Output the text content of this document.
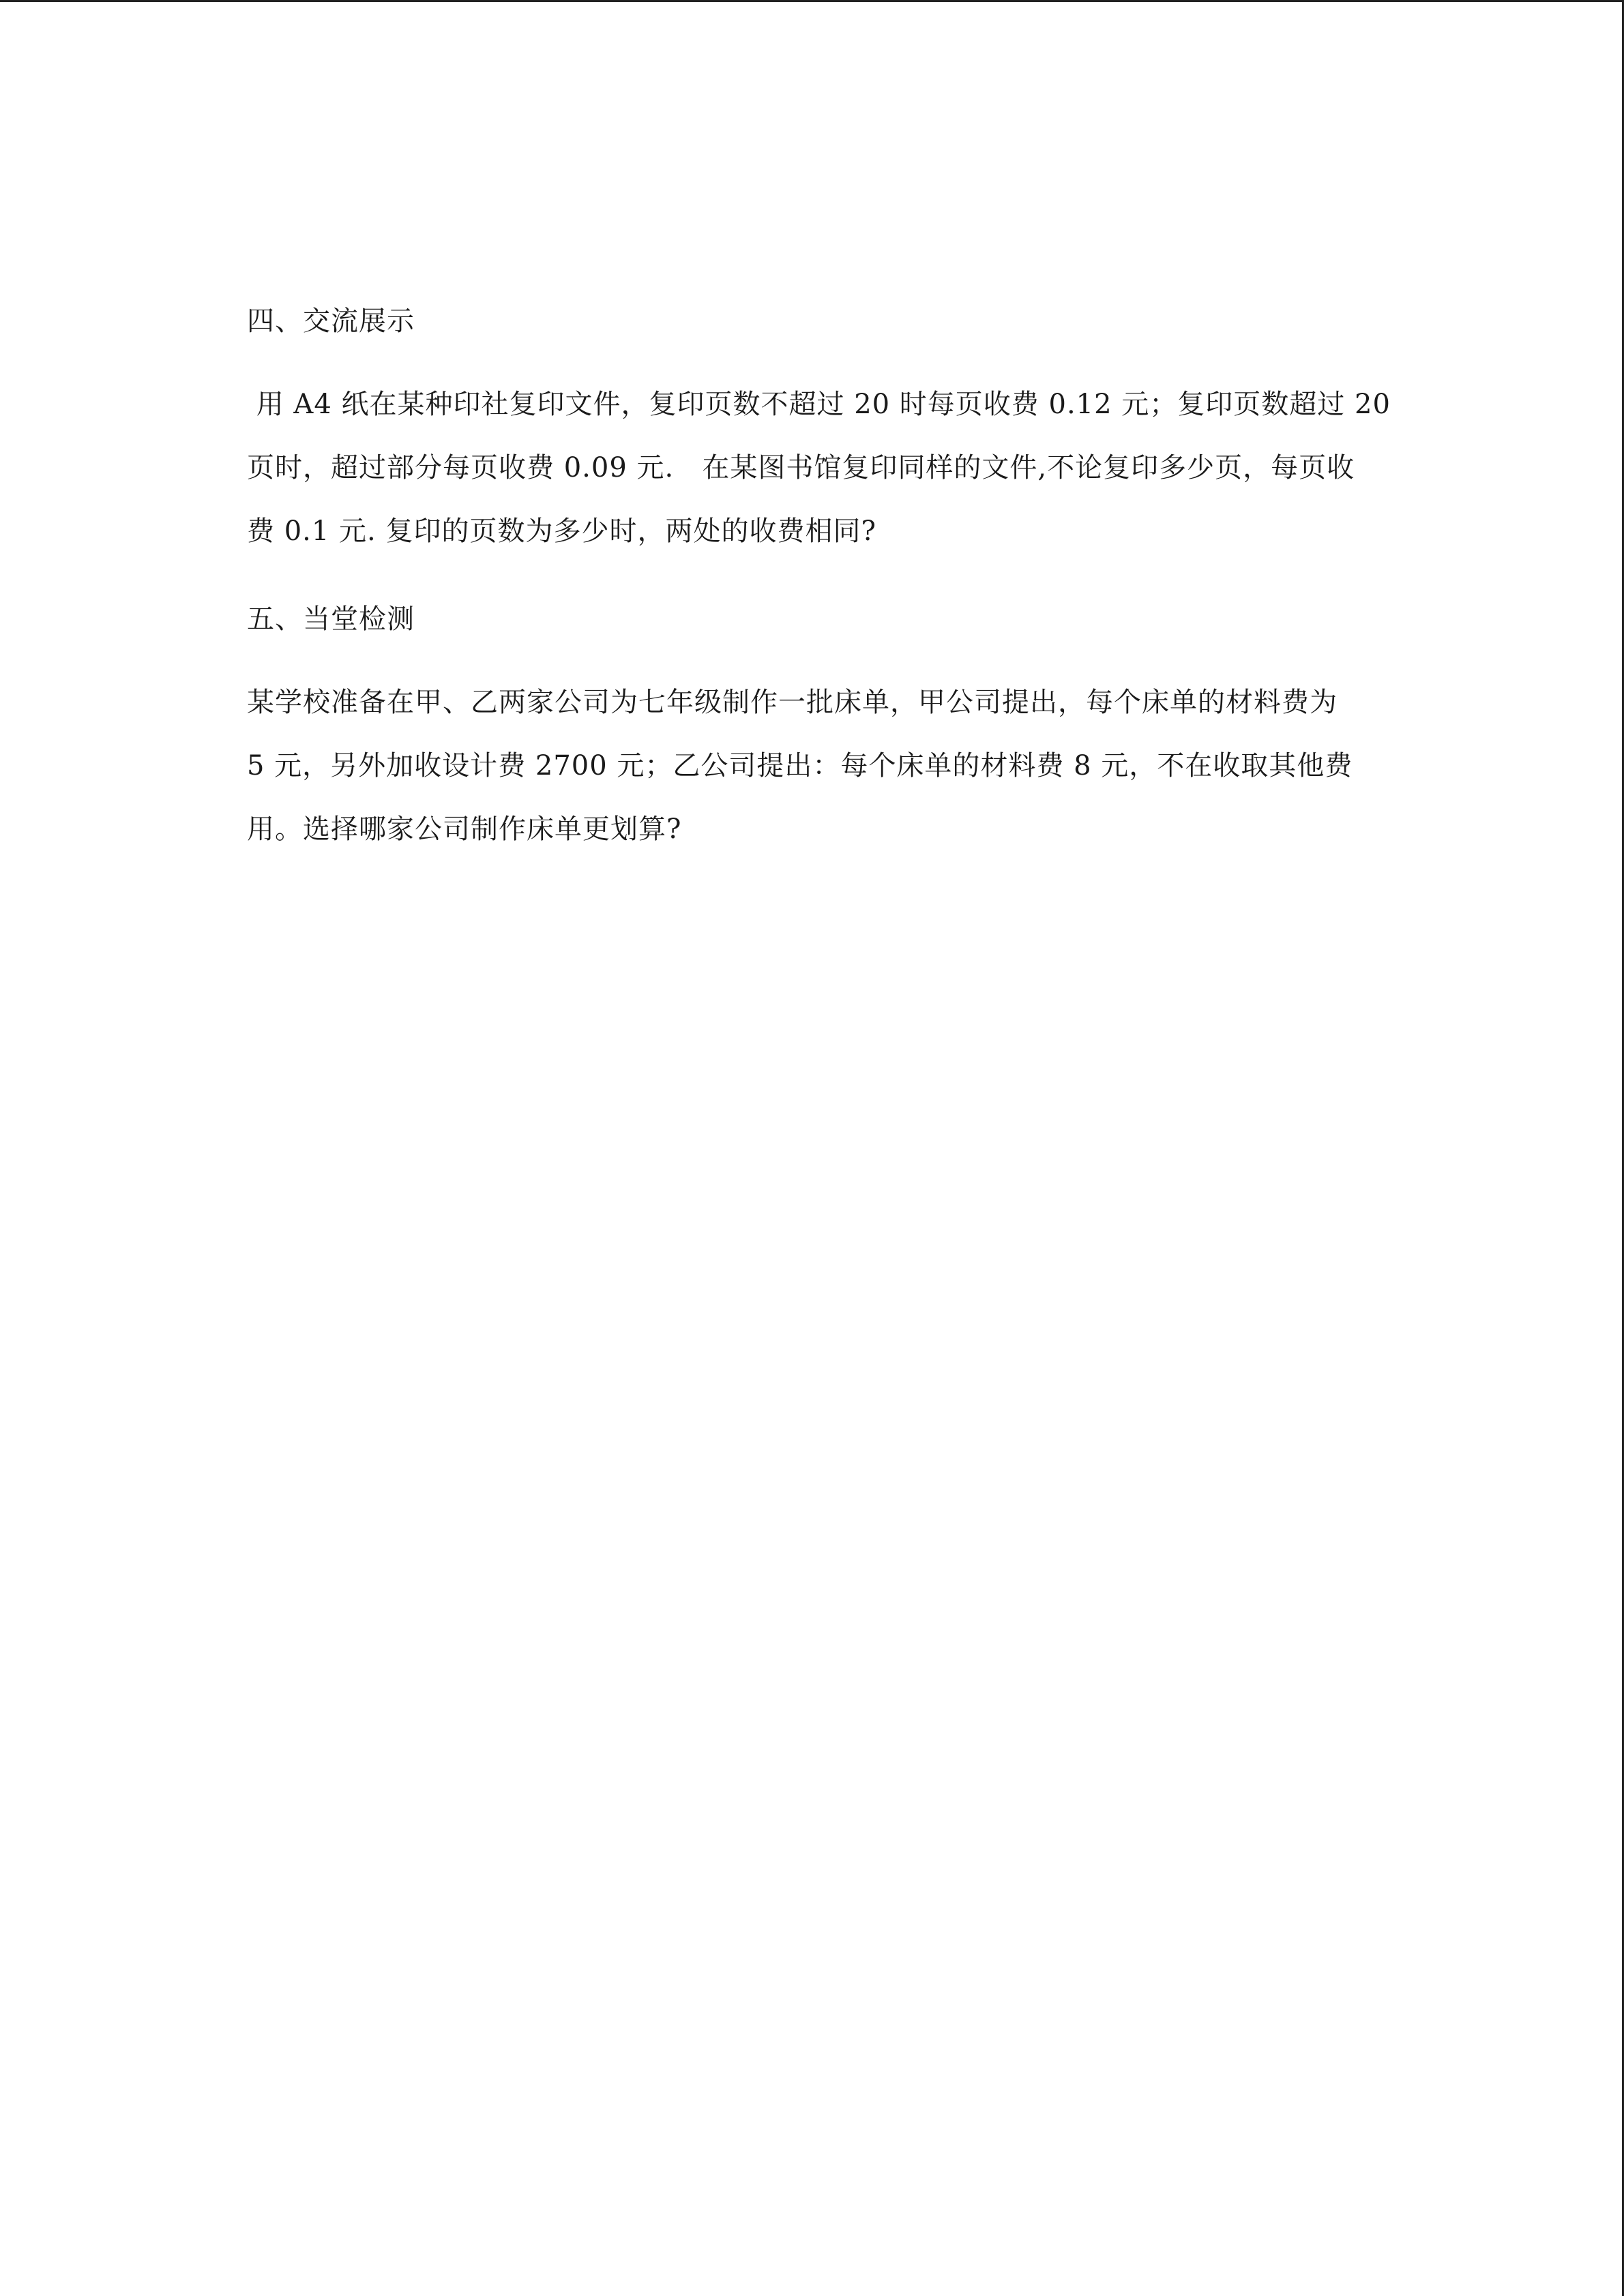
四、交流展示
用 A4 纸在某种印社复印文件，复印页数不超过 20 时每页收费 0.12 元；复印页数超过 20
页时，超过部分每页收费 0.09 元.   在某图书馆复印同样的文件,不论复印多少页，每页收
费 0.1 元. 复印的页数为多少时，两处的收费相同?
五、当堂检测
某学校准备在甲、乙两家公司为七年级制作一批床单，甲公司提出，每个床单的材料费为
5 元，另外加收设计费 2700 元；乙公司提出：每个床单的材料费 8 元，不在收取其他费
用。选择哪家公司制作床单更划算?
